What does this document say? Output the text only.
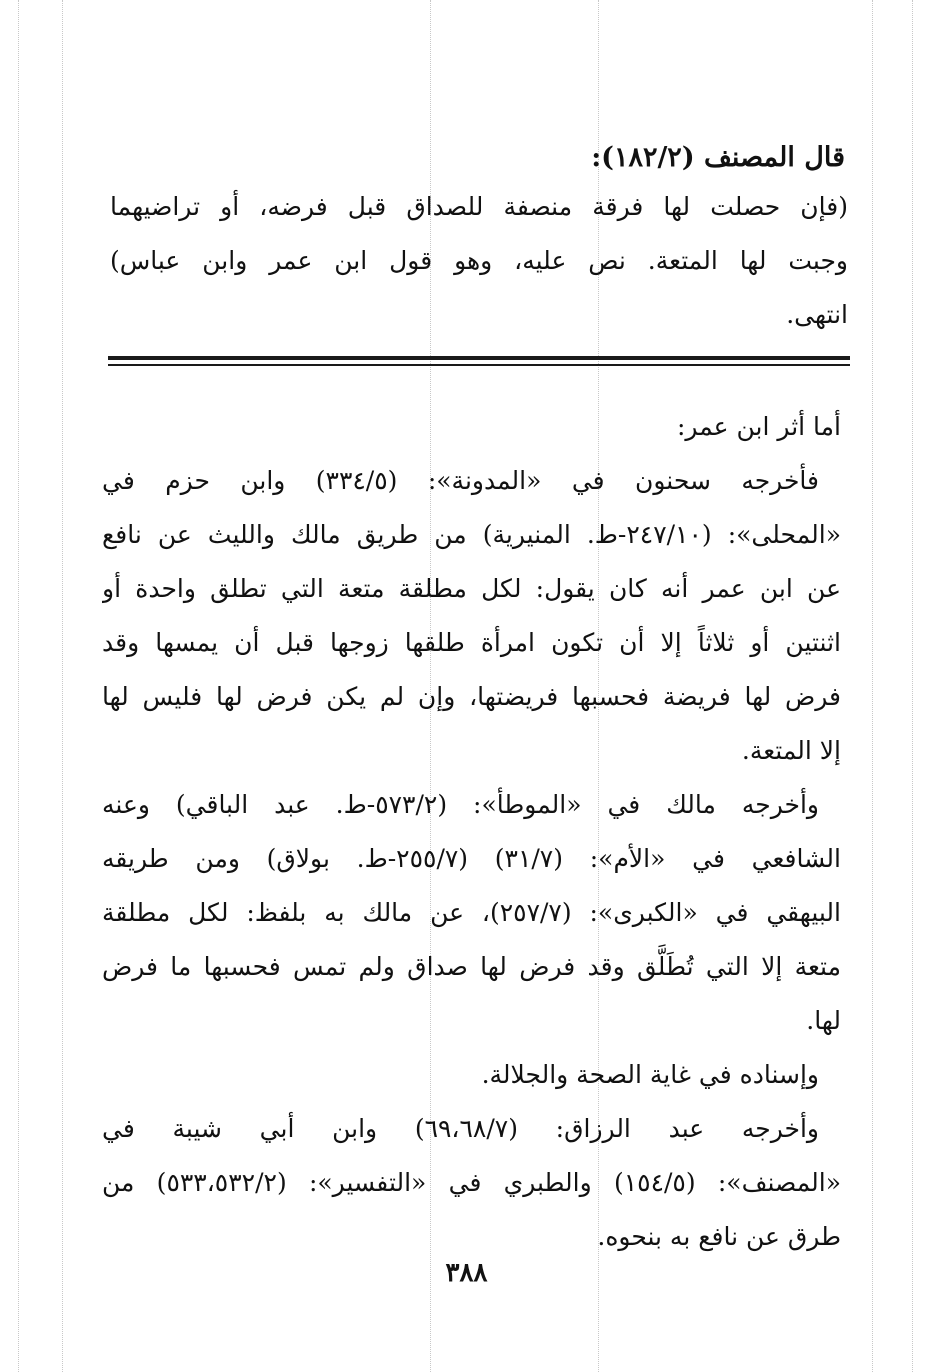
قال المصنف (١٨٢/٢):
(فإن حصلت لها فرقة منصفة للصداق قبل فرضه، أو تراضيهما
وجبت لها المتعة. نص عليه، وهو قول ابن عمر وابن عباس)
انتهى.
أما أثر ابن عمر:
فأخرجه سحنون في «المدونة»: (٣٣٤/٥) وابن حزم في
«المحلى»: (٢٤٧/١٠-ط. المنيرية) من طريق مالك والليث عن نافع
عن ابن عمر أنه كان يقول: لكل مطلقة متعة التي تطلق واحدة أو
اثنتين أو ثلاثاً إلا أن تكون امرأة طلقها زوجها قبل أن يمسها وقد
فرض لها فريضة فحسبها فريضتها، وإن لم يكن فرض لها فليس لها
إلا المتعة.
وأخرجه مالك في «الموطأ»: (٥٧٣/٢-ط. عبد الباقي) وعنه
الشافعي في «الأم»: (٣١/٧) (٢٥٥/٧-ط. بولاق) ومن طريقه
البيهقي في «الكبرى»: (٢٥٧/٧)، عن مالك به بلفظ: لكل مطلقة
متعة إلا التي تُطَلَّق وقد فرض لها صداق ولم تمس فحسبها ما فرض
لها.
وإسناده في غاية الصحة والجلالة.
وأخرجه عبد الرزاق: (٦٩،٦٨/٧) وابن أبي شيبة في
«المصنف»: (١٥٤/٥) والطبري في «التفسير»: (٥٣٣،٥٣٢/٢) من
طرق عن نافع به بنحوه.
٣٨٨
